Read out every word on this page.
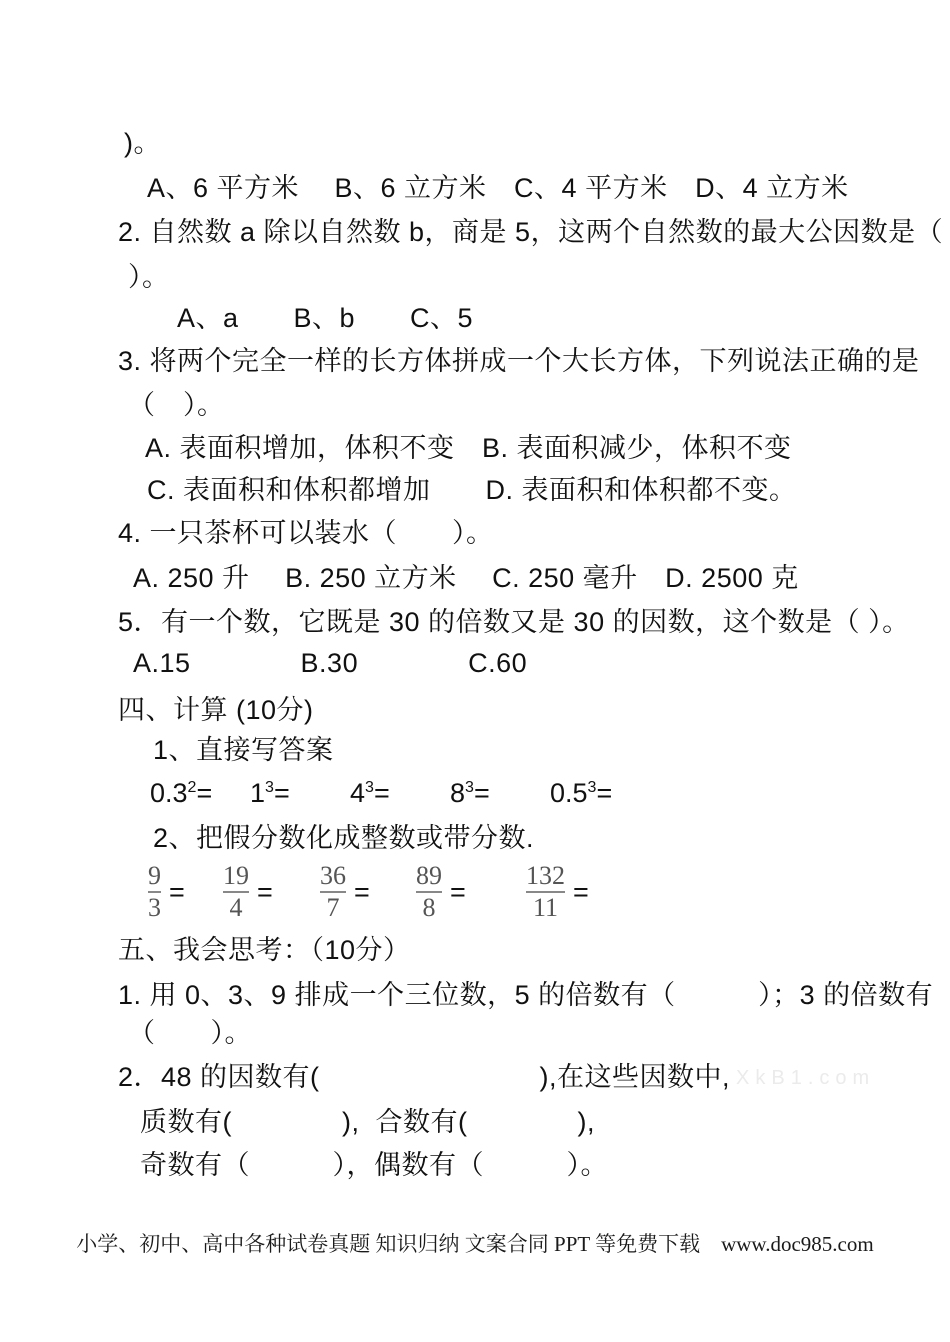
)。
A、6 平方米　 B、6 立方米　C、4 平方米　D、4 立方米
2. 自然数 a 除以自然数 b，商是 5，这两个自然数的最大公因数是（
）。
A、a　　B、b　　C、5
3. 将两个完全一样的长方体拼成一个大长方体，下列说法正确的是
（　）。
A. 表面积增加，体积不变　B. 表面积减少，体积不变
C. 表面积和体积都增加　　D. 表面积和体积都不变。
4. 一只茶杯可以装水（　　）。
A. 250 升　 B. 250 立方米　 C. 250 毫升　D. 2500 克
5．有一个数，它既是 30 的倍数又是 30 的因数，这个数是（ ）。
A.15　　　　B.30　　　　C.60
四、计算 (10分)
1、直接写答案
$0.3^2= 1^3= 4^3= 8^3= 0.5^3=$
2、把假分数化成整数或带分数.
$\frac{9}{3} = \frac{19}{4} = \frac{36}{7} = \frac{89}{8} = \frac{132}{11}$ =
五、我会思考：（10分）
1. 用 0、3、9 排成一个三位数，5 的倍数有（　　　）；3 的倍数有
（　　）。
2．48 的因数有(　　　　　　　　),在这些因数中, XkB1.com
质数有(　　　　),  合数有(　　　　),
奇数有（　　　），偶数有（　　　）。
小学、初中、高中各种试卷真题 知识归纳 文案合同 PPT 等免费下载　www.doc985.com
